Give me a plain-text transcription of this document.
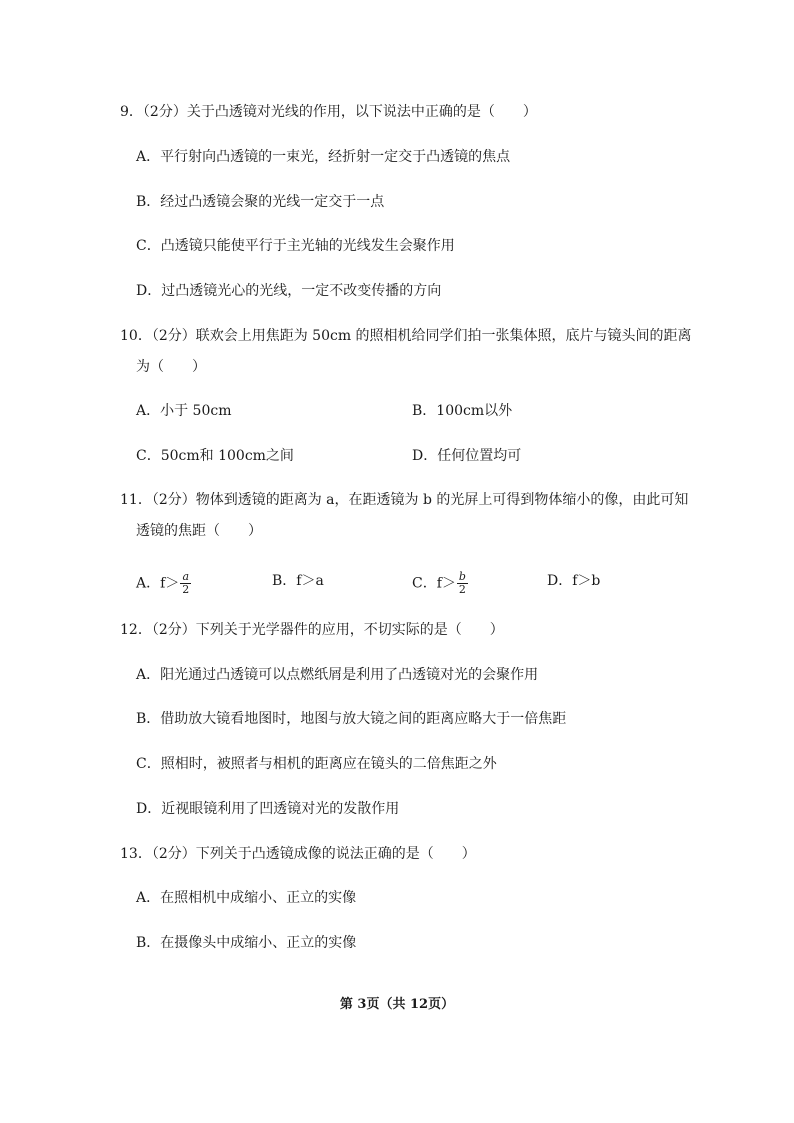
9．（2分）关于凸透镜对光线的作用，以下说法中正确的是（　　）
A．平行射向凸透镜的一束光，经折射一定交于凸透镜的焦点
B．经过凸透镜会聚的光线一定交于一点
C．凸透镜只能使平行于主光轴的光线发生会聚作用
D．过凸透镜光心的光线，一定不改变传播的方向
10．（2分）联欢会上用焦距为 50cm 的照相机给同学们拍一张集体照，底片与镜头间的距离
为（　　）
A．小于 50cm	B．100cm以外
C．50cm和 100cm之间	D．任何位置均可
11．（2分）物体到透镜的距离为 a，在距透镜为 b 的光屏上可得到物体缩小的像，由此可知
透镜的焦距（　　）
A．$f> \frac{a}{2}$	B．f＞a	C．$f> \frac{b}{2}$	D．f＞b
12．（2分）下列关于光学器件的应用，不切实际的是（　　）
A．阳光通过凸透镜可以点燃纸屑是利用了凸透镜对光的会聚作用
B．借助放大镜看地图时，地图与放大镜之间的距离应略大于一倍焦距
C．照相时，被照者与相机的距离应在镜头的二倍焦距之外
D．近视眼镜利用了凹透镜对光的发散作用
13．（2分）下列关于凸透镜成像的说法正确的是（　　）
A．在照相机中成缩小、正立的实像
B．在摄像头中成缩小、正立的实像
第 3页（共 12页）
